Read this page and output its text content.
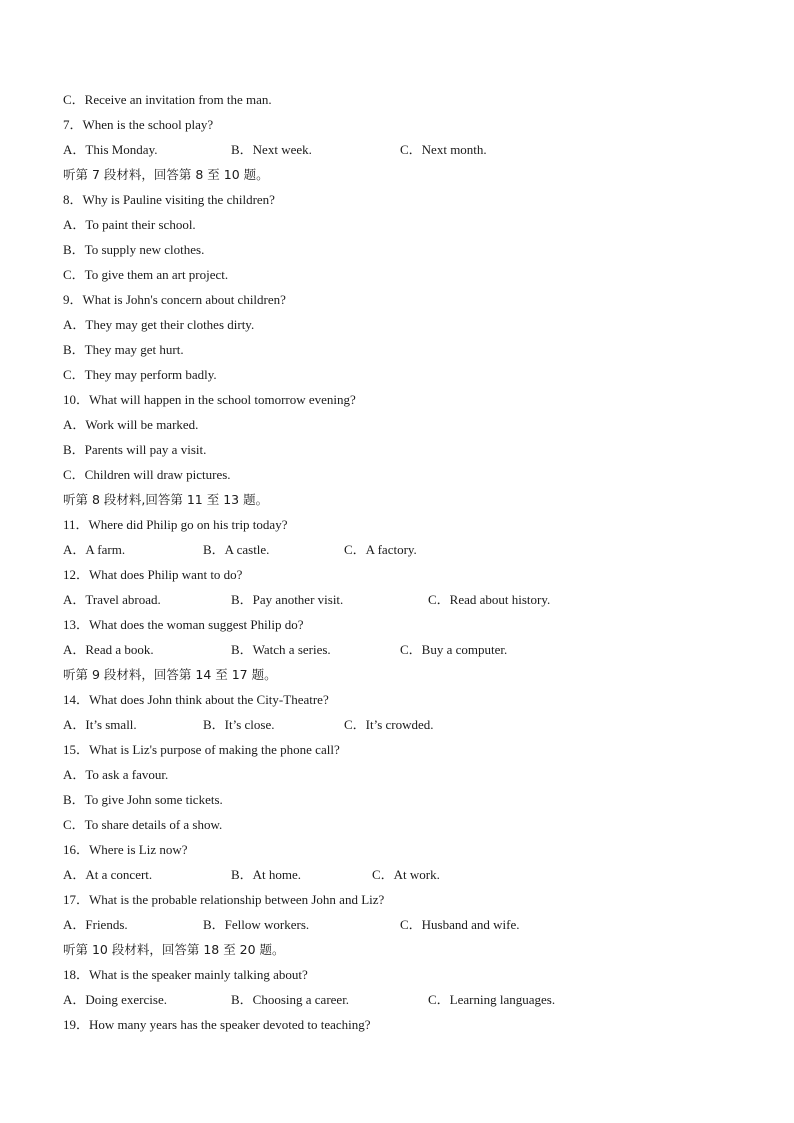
C．Receive an invitation from the man.
7．When is the school play?
A．This Monday.	B．Next week.	C．Next month.
听第 7 段材料，回答第 8 至 10 题。
8．Why is Pauline visiting the children?
A．To paint their school.
B．To supply new clothes.
C．To give them an art project.
9．What is John's concern about children?
A．They may get their clothes dirty.
B．They may get hurt.
C．They may perform badly.
10．What will happen in the school tomorrow evening?
A．Work will be marked.
B．Parents will pay a visit.
C．Children will draw pictures.
听第 8 段材料,回答第 11 至 13 题。
11．Where did Philip go on his trip today?
A．A farm.	B．A castle.	C．A factory.
12．What does Philip want to do?
A．Travel abroad.	B．Pay another visit.	C．Read about history.
13．What does the woman suggest Philip do?
A．Read a book.	B．Watch a series.	C．Buy a computer.
听第 9 段材料，回答第 14 至 17 题。
14．What does John think about the City-Theatre?
A．It’s small.	B．It’s close.	C．It’s crowded.
15．What is Liz's purpose of making the phone call?
A．To ask a favour.
B．To give John some tickets.
C．To share details of a show.
16．Where is Liz now?
A．At a concert.	B．At home.	C．At work.
17．What is the probable relationship between John and Liz?
A．Friends.	B．Fellow workers.	C．Husband and wife.
听第 10 段材料，回答第 18 至 20 题。
18．What is the speaker mainly talking about?
A．Doing exercise.	B．Choosing a career.	C．Learning languages.
19．How many years has the speaker devoted to teaching?
